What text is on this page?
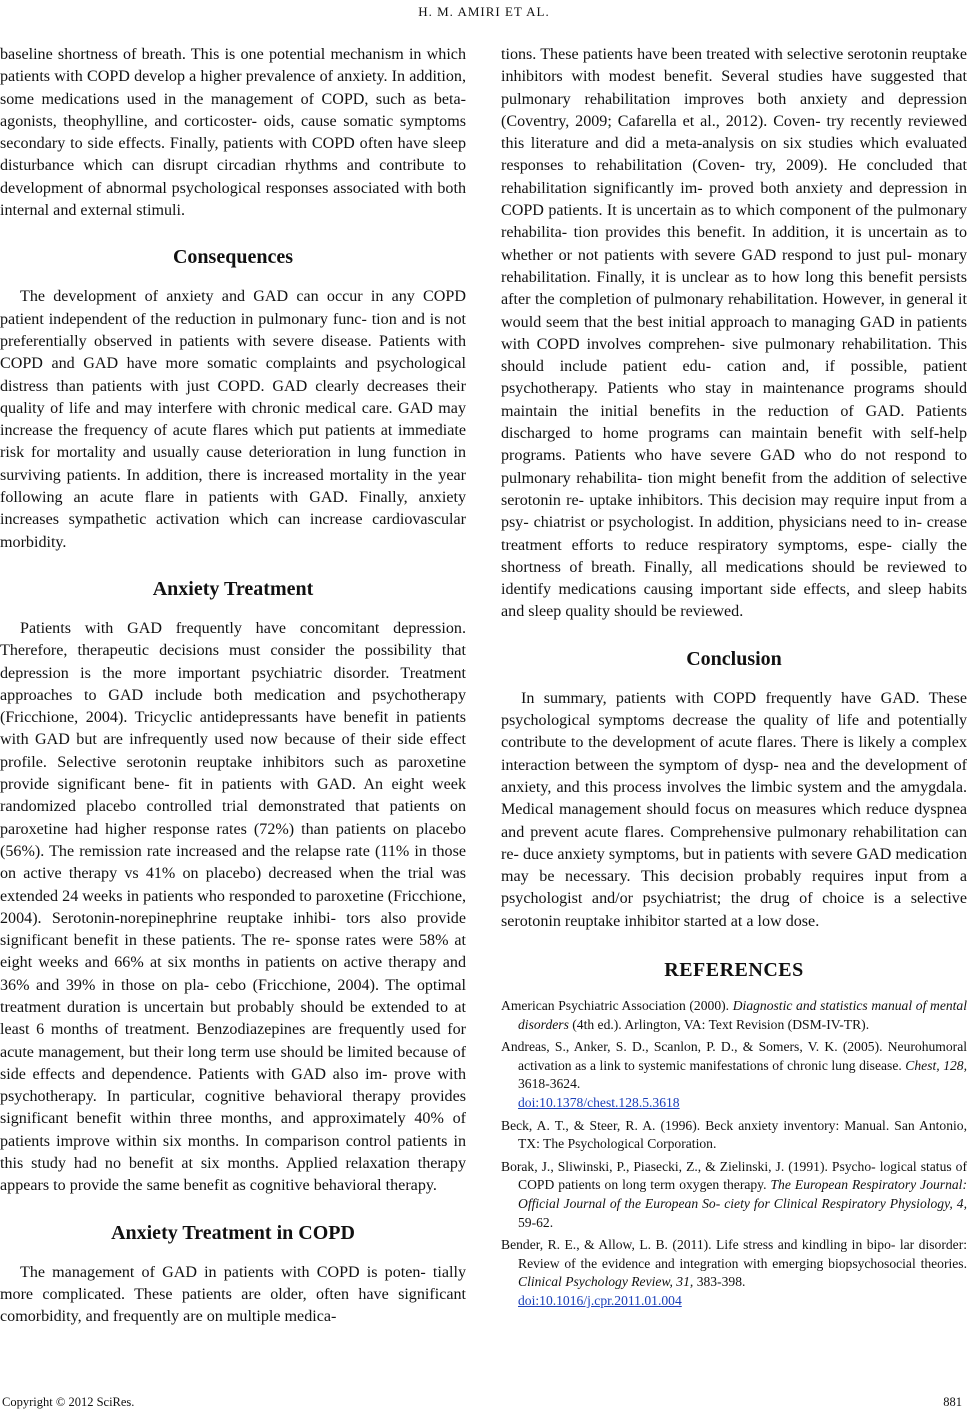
H. M. AMIRI ET AL.

baseline shortness of breath. This is one potential mechanism in which patients with COPD develop a higher prevalence of anxiety. In addition, some medications used in the management of COPD, such as beta-agonists, theophylline, and corticoster- oids, cause somatic symptoms secondary to side effects. Finally, patients with COPD often have sleep disturbance which can disrupt circadian rhythms and contribute to development of abnormal psychological responses associated with both internal and external stimuli.

Consequences

The development of anxiety and GAD can occur in any COPD patient independent of the reduction in pulmonary func- tion and is not preferentially observed in patients with severe disease. Patients with COPD and GAD have more somatic complaints and psychological distress than patients with just COPD. GAD clearly decreases their quality of life and may interfere with chronic medical care. GAD may increase the frequency of acute flares which put patients at immediate risk for mortality and usually cause deterioration in lung function in surviving patients. In addition, there is increased mortality in the year following an acute flare in patients with GAD. Finally, anxiety increases sympathetic activation which can increase cardiovascular morbidity.

Anxiety Treatment

Patients with GAD frequently have concomitant depression. Therefore, therapeutic decisions must consider the possibility that depression is the more important psychiatric disorder. Treatment approaches to GAD include both medication and psychotherapy (Fricchione, 2004). Tricyclic antidepressants have benefit in patients with GAD but are infrequently used now because of their side effect profile. Selective serotonin reuptake inhibitors such as paroxetine provide significant bene- fit in patients with GAD. An eight week randomized placebo controlled trial demonstrated that patients on paroxetine had higher response rates (72%) than patients on placebo (56%). The remission rate increased and the relapse rate (11% in those on active therapy vs 41% on placebo) decreased when the trial was extended 24 weeks in patients who responded to paroxetine (Fricchione, 2004). Serotonin-norepinephrine reuptake inhibi- tors also provide significant benefit in these patients. The re- sponse rates were 58% at eight weeks and 66% at six months in patients on active therapy and 36% and 39% in those on pla- cebo (Fricchione, 2004). The optimal treatment duration is uncertain but probably should be extended to at least 6 months of treatment. Benzodiazepines are frequently used for acute management, but their long term use should be limited because of side effects and dependence. Patients with GAD also im- prove with psychotherapy. In particular, cognitive behavioral therapy provides significant benefit within three months, and approximately 40% of patients improve within six months. In comparison control patients in this study had no benefit at six months. Applied relaxation therapy appears to provide the same benefit as cognitive behavioral therapy.

Anxiety Treatment in COPD

The management of GAD in patients with COPD is poten- tially more complicated. These patients are older, often have significant comorbidity, and frequently are on multiple medica-

tions. These patients have been treated with selective serotonin reuptake inhibitors with modest benefit. Several studies have suggested that pulmonary rehabilitation improves both anxiety and depression (Coventry, 2009; Cafarella et al., 2012). Coven- try recently reviewed this literature and did a meta-analysis on six studies which evaluated responses to rehabilitation (Coven- try, 2009). He concluded that rehabilitation significantly im- proved both anxiety and depression in COPD patients. It is uncertain as to which component of the pulmonary rehabilita- tion provides this benefit. In addition, it is uncertain as to whether or not patients with severe GAD respond to just pul- monary rehabilitation. Finally, it is unclear as to how long this benefit persists after the completion of pulmonary rehabilitation. However, in general it would seem that the best initial approach to managing GAD in patients with COPD involves comprehen- sive pulmonary rehabilitation. This should include patient edu- cation and, if possible, patient psychotherapy. Patients who stay in maintenance programs should maintain the initial benefits in the reduction of GAD. Patients discharged to home programs can maintain benefit with self-help programs. Patients who have severe GAD who do not respond to pulmonary rehabilita- tion might benefit from the addition of selective serotonin re- uptake inhibitors. This decision may require input from a psy- chiatrist or psychologist. In addition, physicians need to in- crease treatment efforts to reduce respiratory symptoms, espe- cially the shortness of breath. Finally, all medications should be reviewed to identify medications causing important side effects, and sleep habits and sleep quality should be reviewed.

Conclusion

In summary, patients with COPD frequently have GAD. These psychological symptoms decrease the quality of life and potentially contribute to the development of acute flares. There is likely a complex interaction between the symptom of dysp- nea and the development of anxiety, and this process involves the limbic system and the amygdala. Medical management should focus on measures which reduce dyspnea and prevent acute flares. Comprehensive pulmonary rehabilitation can re- duce anxiety symptoms, but in patients with severe GAD medication may be necessary. This decision probably requires input from a psychologist and/or psychiatrist; the drug of choice is a selective serotonin reuptake inhibitor started at a low dose.

REFERENCES
American Psychiatric Association (2000). Diagnostic and statistics manual of mental disorders (4th ed.). Arlington, VA: Text Revision (DSM-IV-TR).
Andreas, S., Anker, S. D., Scanlon, P. D., & Somers, V. K. (2005). Neurohumoral activation as a link to systemic manifestations of chronic lung disease. Chest, 128, 3618-3624.
doi:10.1378/chest.128.5.3618
Beck, A. T., & Steer, R. A. (1996). Beck anxiety inventory: Manual. San Antonio, TX: The Psychological Corporation.
Borak, J., Sliwinski, P., Piasecki, Z., & Zielinski, J. (1991). Psycho- logical status of COPD patients on long term oxygen therapy. The European Respiratory Journal: Official Journal of the European So- ciety for Clinical Respiratory Physiology, 4, 59-62.
Bender, R. E., & Allow, L. B. (2011). Life stress and kindling in bipo- lar disorder: Review of the evidence and integration with emerging biopsychosocial theories. Clinical Psychology Review, 31, 383-398.
doi:10.1016/j.cpr.2011.01.004
Copyright © 2012 SciRes.	881
